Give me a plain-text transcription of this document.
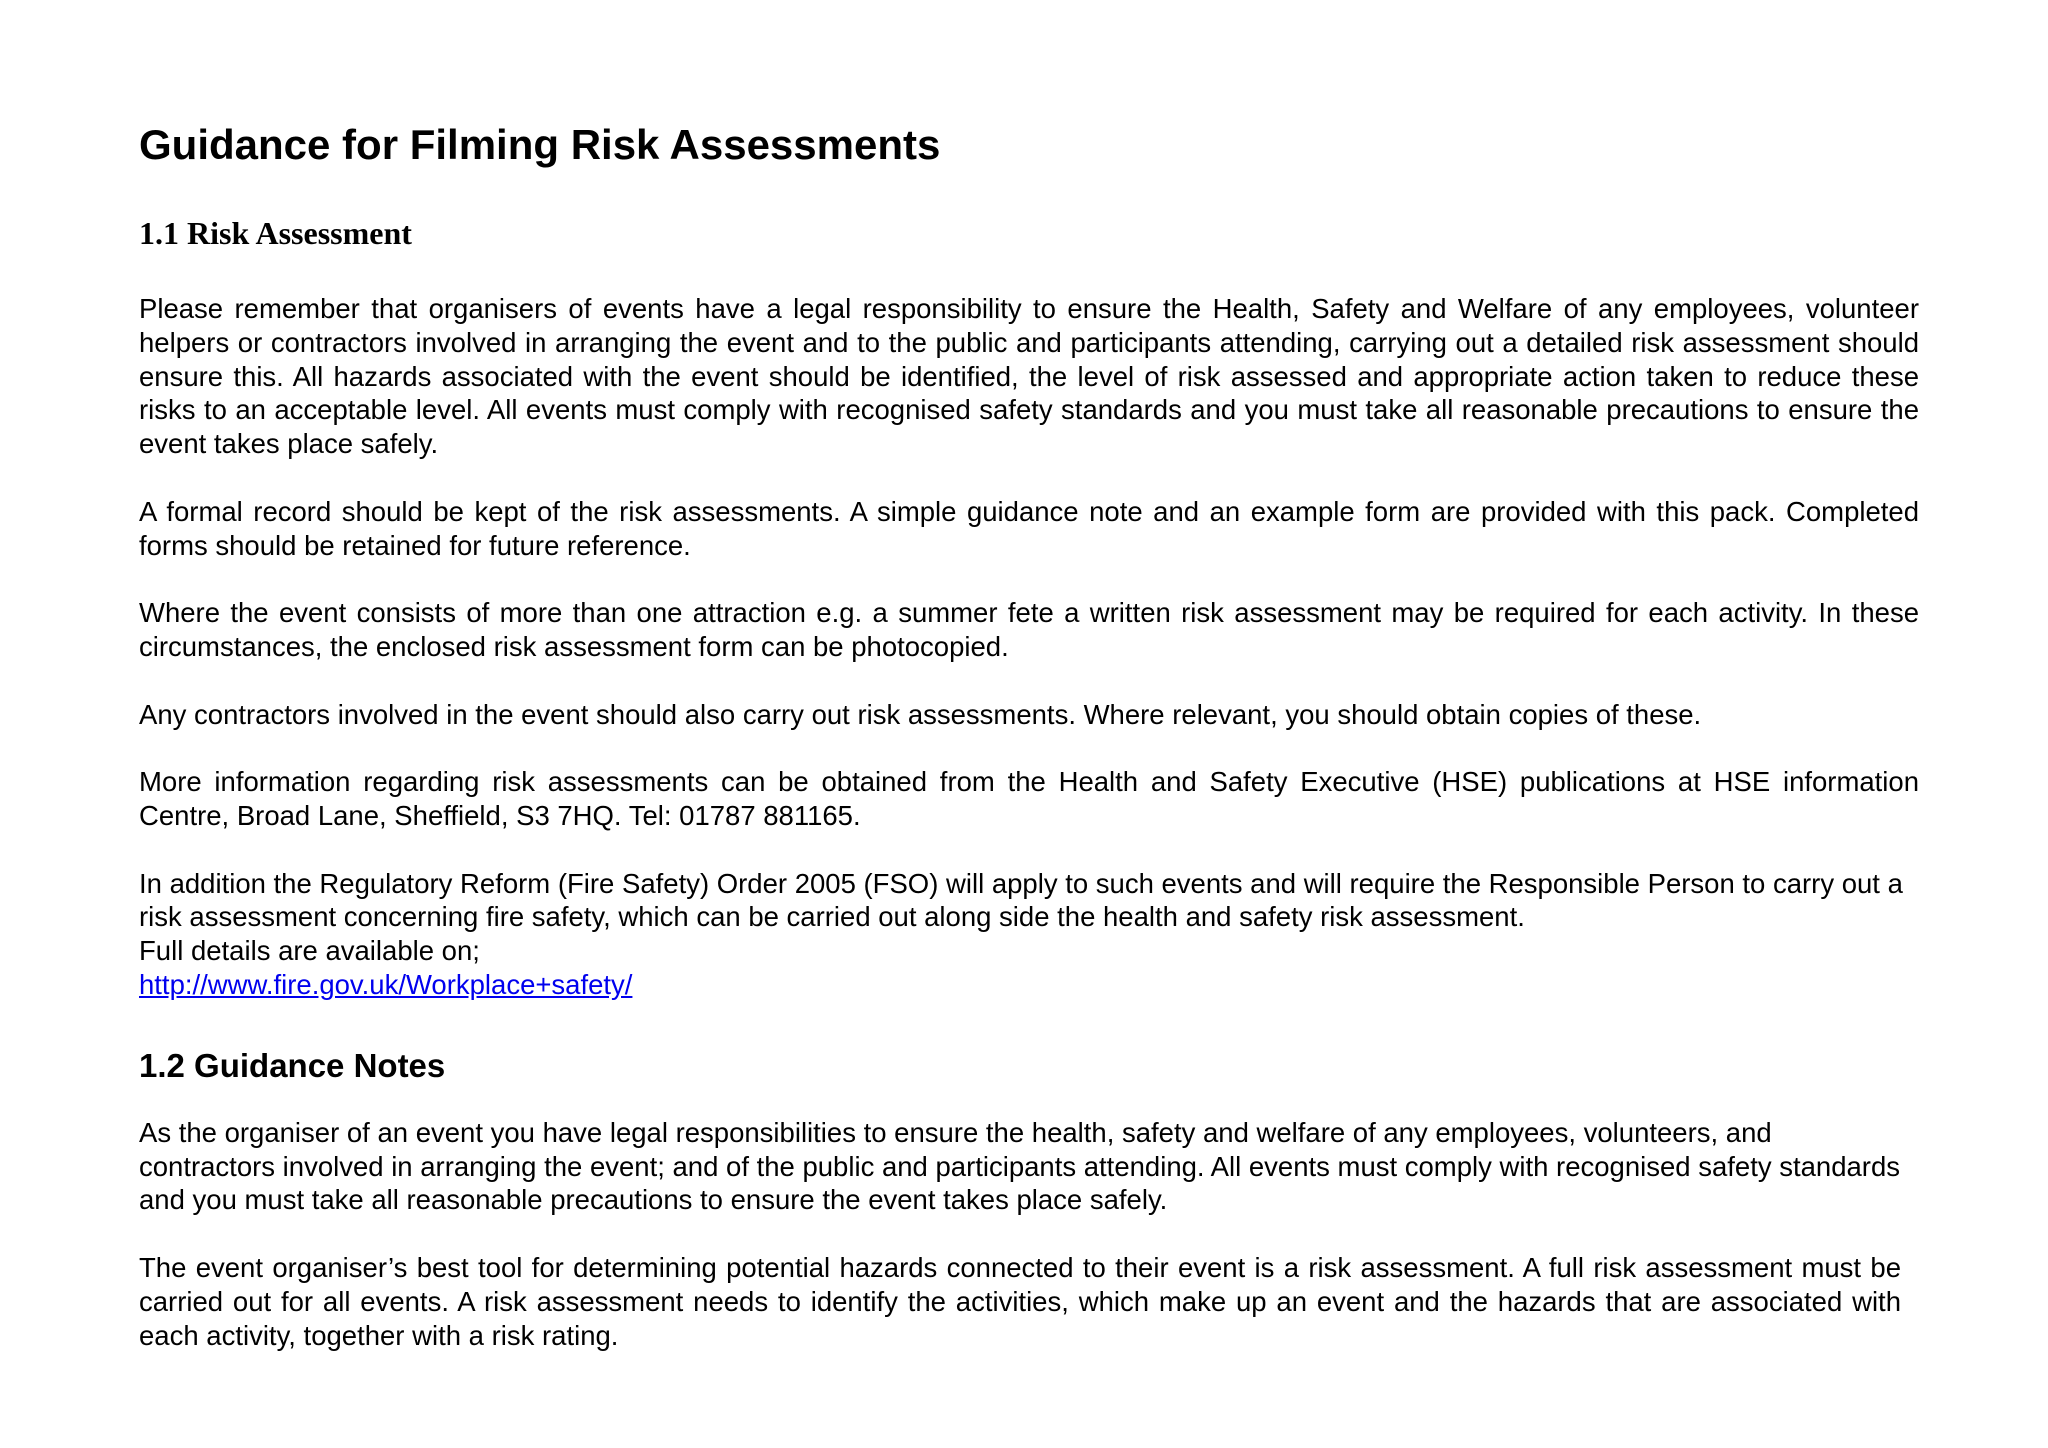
Guidance for Filming Risk Assessments
1.1 Risk Assessment

Please remember that organisers of events have a legal responsibility to ensure the Health, Safety and Welfare of any employees, volunteer helpers or contractors involved in arranging the event and to the public and participants attending, carrying out a detailed risk assessment should ensure this. All hazards associated with the event should be identified, the level of risk assessed and appropriate action taken to reduce these risks to an acceptable level. All events must comply with recognised safety standards and you must take all reasonable precautions to ensure the event takes place safely.

A formal record should be kept of the risk assessments. A simple guidance note and an example form are provided with this pack. Completed forms should be retained for future reference.

Where the event consists of more than one attraction e.g. a summer fete a written risk assessment may be required for each activity. In these circumstances, the enclosed risk assessment form can be photocopied.

Any contractors involved in the event should also carry out risk assessments. Where relevant, you should obtain copies of these.

More information regarding risk assessments can be obtained from the Health and Safety Executive (HSE) publications at HSE information Centre, Broad Lane, Sheffield, S3 7HQ. Tel: 01787 881165.

In addition the Regulatory Reform (Fire Safety) Order 2005 (FSO) will apply to such events and will require the Responsible Person to carry out a risk assessment concerning fire safety, which can be carried out along side the health and safety risk assessment.

Full details are available on;

http://www.fire.gov.uk/Workplace+safety/
1.2 Guidance Notes

As the organiser of an event you have legal responsibilities to ensure the health, safety and welfare of any employees, volunteers, and contractors involved in arranging the event; and of the public and participants attending. All events must comply with recognised safety standards and you must take all reasonable precautions to ensure the event takes place safely.

The event organiser’s best tool for determining potential hazards connected to their event is a risk assessment. A full risk assessment must be carried out for all events. A risk assessment needs to identify the activities, which make up an event and the hazards that are associated with each activity, together with a risk rating.
